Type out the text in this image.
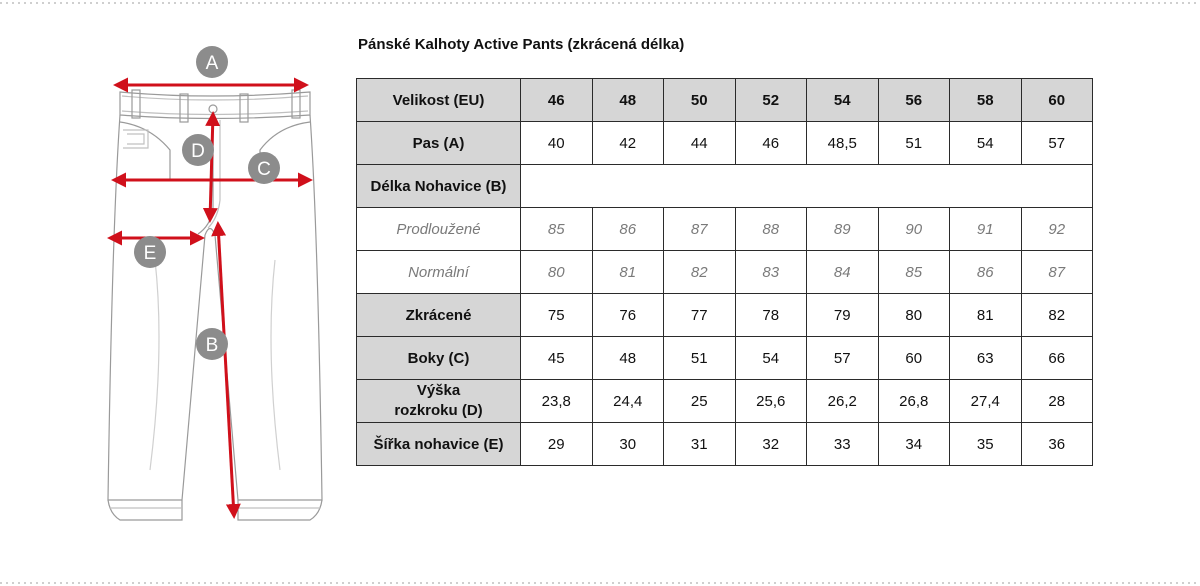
A
D
C
E
B
Pánské Kalhoty Active Pants (zkrácená délka)
Velikost (EU)	46	48	50	52	54	56	58	60
Pas (A)	40	42	44	46	48,5	51	54	57
Délka Nohavice (B)								
Prodloužené	85	86	87	88	89	90	91	92
Normální	80	81	82	83	84	85	86	87
Zkrácené	75	76	77	78	79	80	81	82
Boky (C)	45	48	51	54	57	60	63	66
Výška
rozkroku (D)	23,8	24,4	25	25,6	26,2	26,8	27,4	28
Šířka nohavice (E)	29	30	31	32	33	34	35	36
